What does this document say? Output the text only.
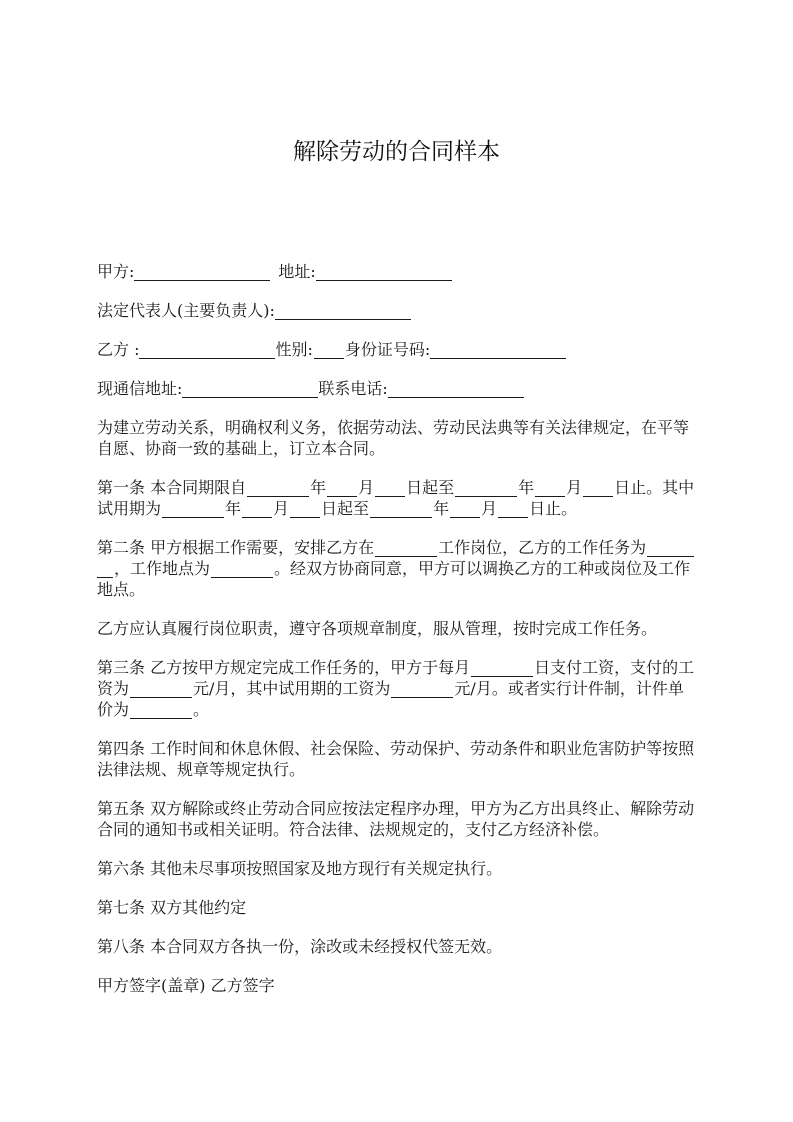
解除劳动的合同样本
甲方:	地址:
法定代表人(主要负责人):
乙方 :	性别: 身份证号码:
现通信地址:	联系电话:
为建立劳动关系，明确权利义务，依据劳动法、劳动民法典等有关法律规定，在平等
自愿、协商一致的基础上，订立本合同。
第一条 本合同期限自	年 月 日起至	年 月 日止。其中
试用期为	年 月 日起至	年 月 日止。
第二条 甲方根据工作需要，安排乙方在	工作岗位，乙方的工作任务为
，工作地点为	。经双方协商同意，甲方可以调换乙方的工种或岗位及工作
地点。
乙方应认真履行岗位职责，遵守各项规章制度，服从管理，按时完成工作任务。
第三条 乙方按甲方规定完成工作任务的，甲方于每月	日支付工资，支付的工
资为	元/月，其中试用期的工资为	元/月。或者实行计件制，计件单
价为	。
第四条 工作时间和休息休假、社会保险、劳动保护、劳动条件和职业危害防护等按照
法律法规、规章等规定执行。
第五条 双方解除或终止劳动合同应按法定程序办理，甲方为乙方出具终止、解除劳动
合同的通知书或相关证明。符合法律、法规规定的，支付乙方经济补偿。
第六条 其他未尽事项按照国家及地方现行有关规定执行。
第七条 双方其他约定
第八条 本合同双方各执一份，涂改或未经授权代签无效。
甲方签字(盖章) 乙方签字
